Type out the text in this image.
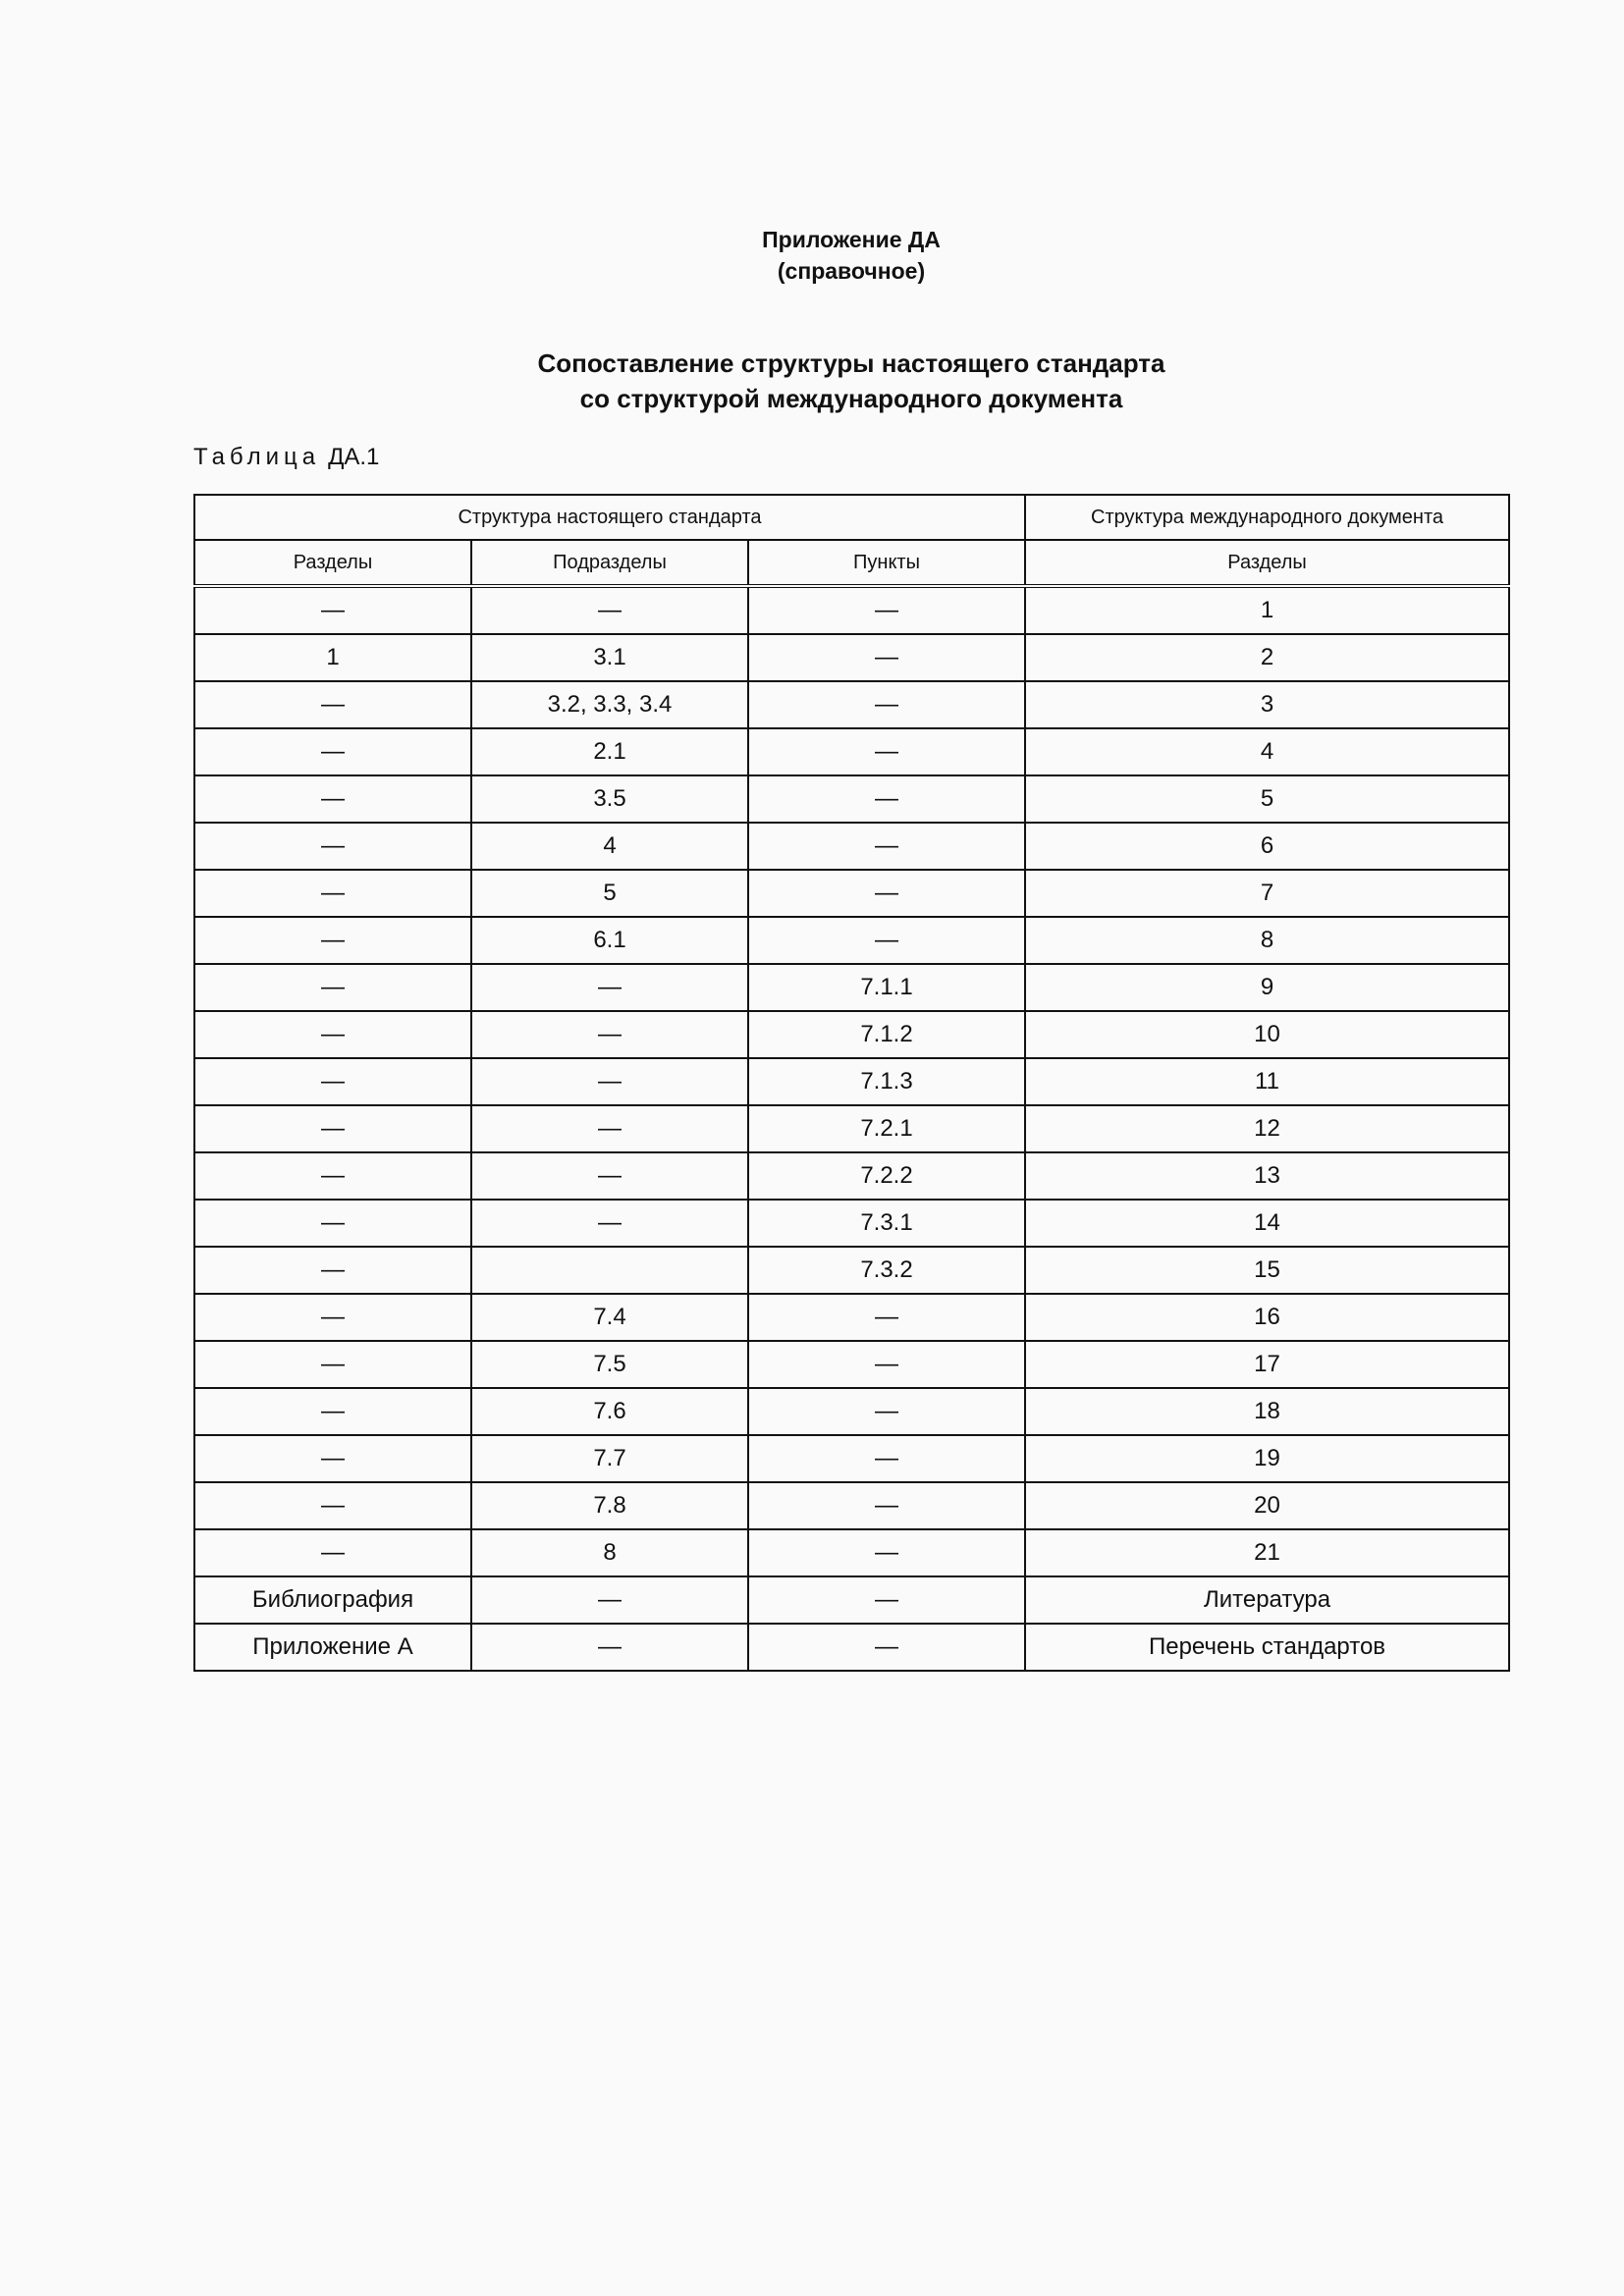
Приложение ДА
(справочное)
Сопоставление структуры настоящего стандарта
со структурой международного документа
Таблица ДА.1
Структура настоящего стандарта			Структура международного документа
Разделы	Подразделы	Пункты	Разделы
—	—	—	1
1	3.1	—	2
—	3.2, 3.3, 3.4	—	3
—	2.1	—	4
—	3.5	—	5
—	4	—	6
—	5	—	7
—	6.1	—	8
—	—	7.1.1	9
—	—	7.1.2	10
—	—	7.1.3	11
—	—	7.2.1	12
—	—	7.2.2	13
—	—	7.3.1	14
—		7.3.2	15
—	7.4	—	16
—	7.5	—	17
—	7.6	—	18
—	7.7	—	19
—	7.8	—	20
—	8	—	21
Библиография	—	—	Литература
Приложение А	—	—	Перечень стандартов
